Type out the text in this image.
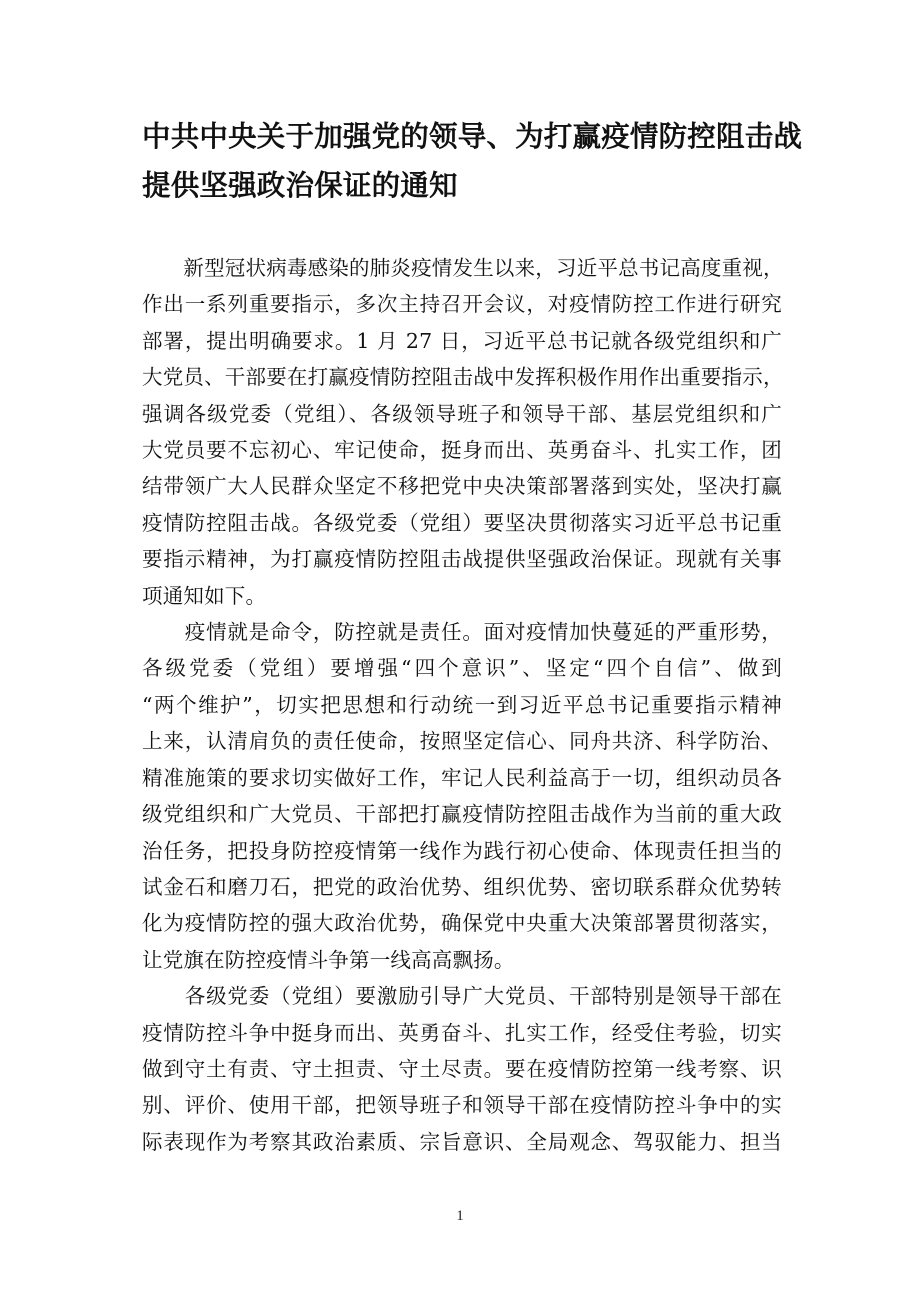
中共中央关于加强党的领导、为打赢疫情防控阻击战
提供坚强政治保证的通知

　　新型冠状病毒感染的肺炎疫情发生以来，习近平总书记高度重视，
作出一系列重要指示，多次主持召开会议，对疫情防控工作进行研究
部署，提出明确要求。1 月 27 日，习近平总书记就各级党组织和广
大党员、干部要在打赢疫情防控阻击战中发挥积极作用作出重要指示，
强调各级党委（党组）、各级领导班子和领导干部、基层党组织和广
大党员要不忘初心、牢记使命，挺身而出、英勇奋斗、扎实工作，团
结带领广大人民群众坚定不移把党中央决策部署落到实处，坚决打赢
疫情防控阻击战。各级党委（党组）要坚决贯彻落实习近平总书记重
要指示精神，为打赢疫情防控阻击战提供坚强政治保证。现就有关事
项通知如下。

　　疫情就是命令，防控就是责任。面对疫情加快蔓延的严重形势，
各级党委（党组）要增强“四个意识”、坚定“四个自信”、做到
“两个维护”，切实把思想和行动统一到习近平总书记重要指示精神
上来，认清肩负的责任使命，按照坚定信心、同舟共济、科学防治、
精准施策的要求切实做好工作，牢记人民利益高于一切，组织动员各
级党组织和广大党员、干部把打赢疫情防控阻击战作为当前的重大政
治任务，把投身防控疫情第一线作为践行初心使命、体现责任担当的
试金石和磨刀石，把党的政治优势、组织优势、密切联系群众优势转
化为疫情防控的强大政治优势，确保党中央重大决策部署贯彻落实，
让党旗在防控疫情斗争第一线高高飘扬。

　　各级党委（党组）要激励引导广大党员、干部特别是领导干部在
疫情防控斗争中挺身而出、英勇奋斗、扎实工作，经受住考验，切实
做到守土有责、守土担责、守土尽责。要在疫情防控第一线考察、识
别、评价、使用干部，把领导班子和领导干部在疫情防控斗争中的实
际表现作为考察其政治素质、宗旨意识、全局观念、驾驭能力、担当

1
